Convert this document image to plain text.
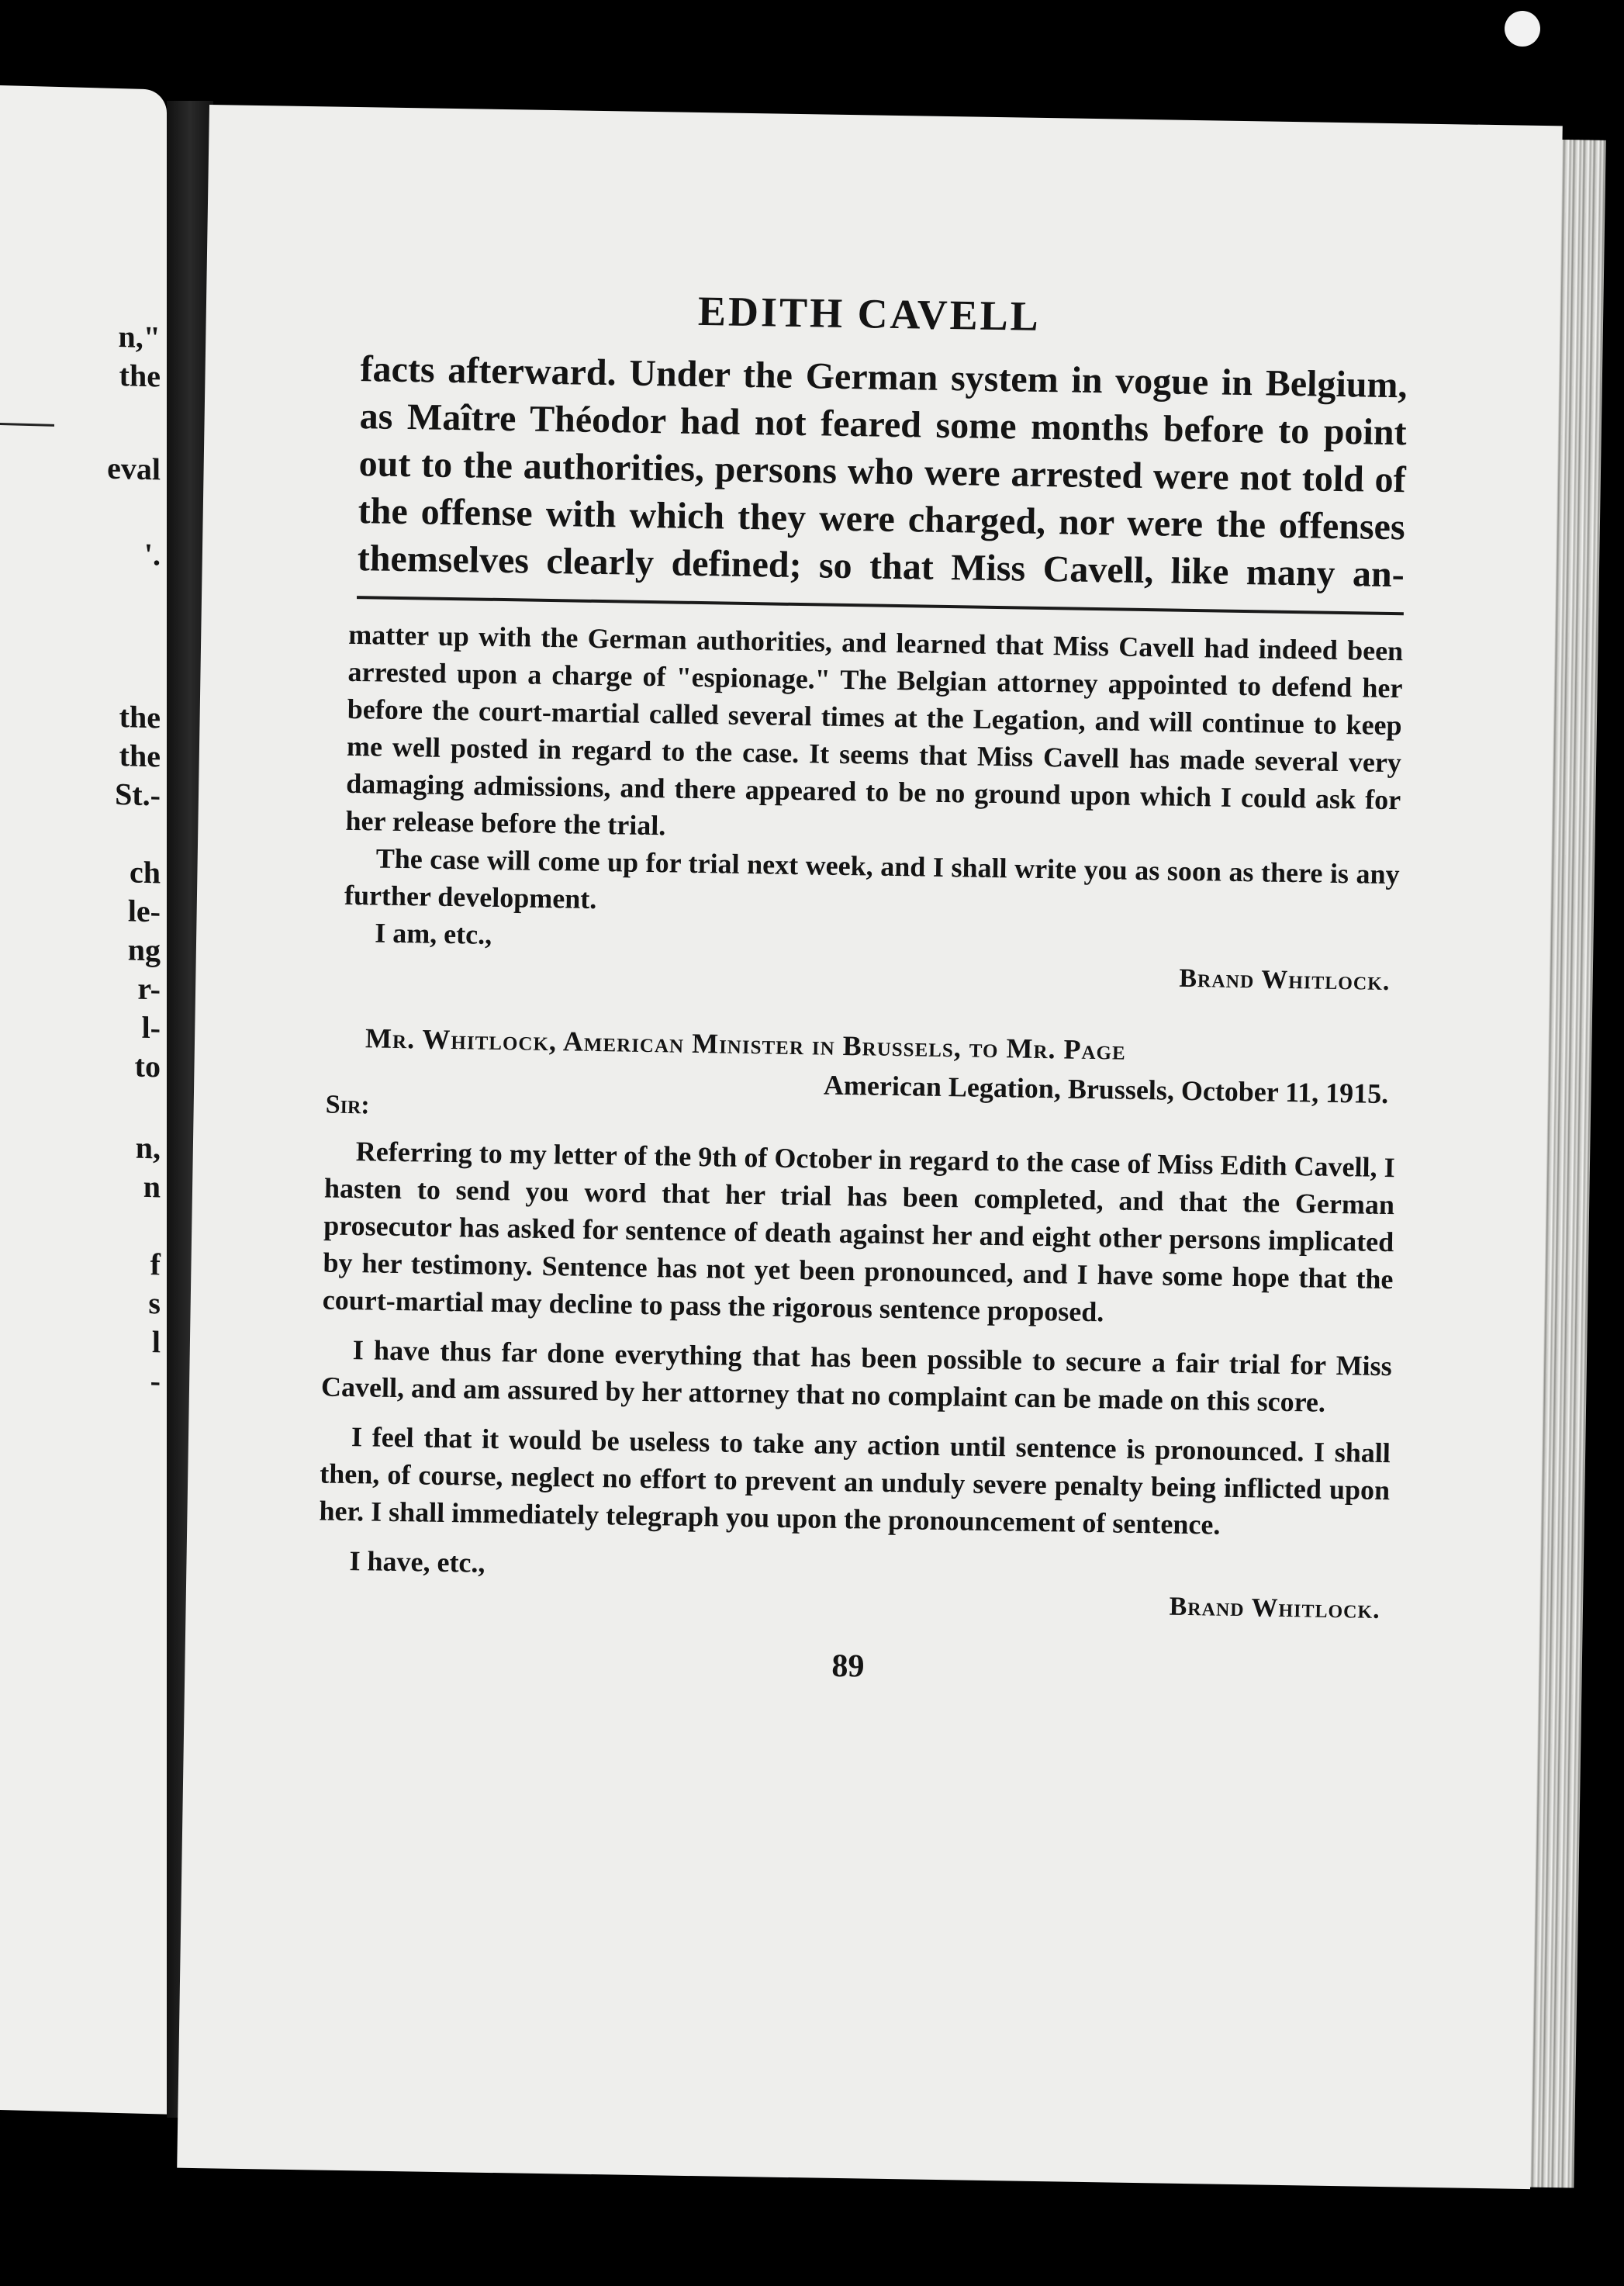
n,"
the
eval
'.
the
the
St.-
ch
le-
ng
r-
l-
to
n,
n
f
s
l
-
EDITH CAVELL

facts afterward. Under the German system in vogue in Belgium, as Maître Théodor had not feared some months before to point out to the authorities, persons who were arrested were not told of the offense with which they were charged, nor were the offenses themselves clearly defined; so that Miss Cavell, like many an-

matter up with the German authorities, and learned that Miss Cavell had indeed been arrested upon a charge of "espionage." The Belgian attorney appointed to defend her before the court-martial called several times at the Legation, and will continue to keep me well posted in regard to the case. It seems that Miss Cavell has made several very damaging admissions, and there appeared to be no ground upon which I could ask for her release before the trial.

The case will come up for trial next week, and I shall write you as soon as there is any further development.

I am, etc.,

Brand Whitlock.

Mr. Whitlock, American Minister in Brussels, to Mr. Page

American Legation, Brussels, October 11, 1915.

Sir:

Referring to my letter of the 9th of October in regard to the case of Miss Edith Cavell, I hasten to send you word that her trial has been completed, and that the German prosecutor has asked for sentence of death against her and eight other persons implicated by her testimony. Sentence has not yet been pronounced, and I have some hope that the court-martial may decline to pass the rigorous sentence proposed.

I have thus far done everything that has been possible to secure a fair trial for Miss Cavell, and am assured by her attorney that no complaint can be made on this score.

I feel that it would be useless to take any action until sentence is pronounced. I shall then, of course, neglect no effort to prevent an unduly severe penalty being inflicted upon her. I shall immediately telegraph you upon the pronouncement of sentence.

I have, etc.,

Brand Whitlock.

89
